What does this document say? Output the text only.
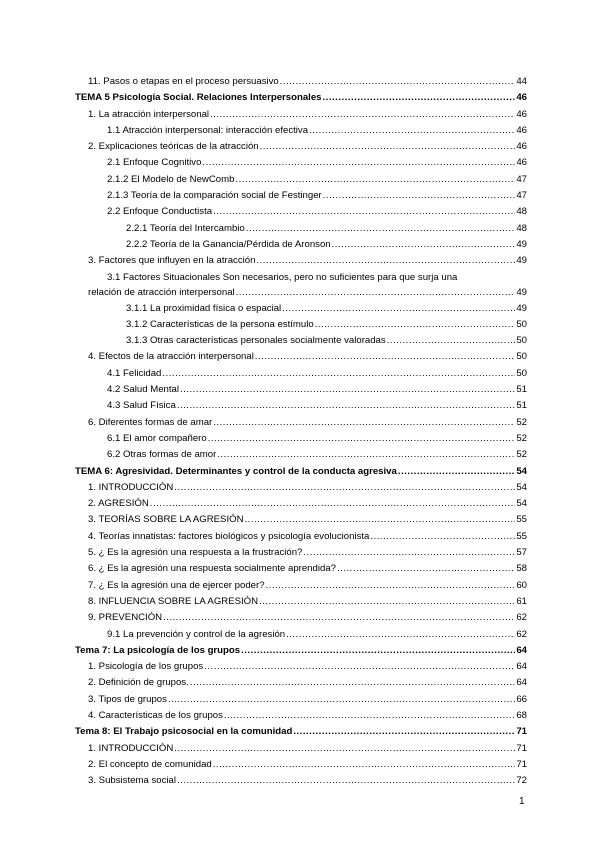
11. Pasos o etapas en el proceso persuasivo .....	44
TEMA 5 Psicología Social. Relaciones Interpersonales .....	46
1. La atracción interpersonal .....	46
1.1 Atracción interpersonal: interacción efectiva .....	46
2. Explicaciones teóricas de la atracción .....	46
2.1 Enfoque Cognitivo .....	46
2.1.2 El Modelo de NewComb .....	47
2.1.3 Teoría de la comparación social de Festinger .....	47
2.2 Enfoque Conductista .....	48
2.2.1 Teoría del Intercambio .....	48
2.2.2 Teoría de la Ganancia/Pérdida de Aronson .....	49
3. Factores que influyen en la atracción .....	49
3.1 Factores Situacionales Son necesarios, pero no suficientes para que surja una
relación de atracción interpersonal .....	49
3.1.1 La proximidad física o espacial .....	49
3.1.2 Características de la persona estímulo .....	50
3.1.3 Otras características personales socialmente valoradas .....	50
4. Efectos de la atracción interpersonal .....	50
4.1 Felicidad .....	50
4.2 Salud Mental .....	51
4.3 Salud Física .....	51
6. Diferentes formas de amar .....	52
6.1 El amor compañero .....	52
6.2 Otras formas de amor .....	52
TEMA 6: Agresividad. Determinantes y control de la conducta agresiva .....	54
1. INTRODUCCIÓN .....	54
2. AGRESIÓN .....	54
3. TEORÍAS SOBRE LA AGRESIÓN .....	55
4. Teorías innatistas: factores biológicos y psicología evolucionista .....	55
5. ¿ Es la agresión una respuesta a la frustración? .....	57
6. ¿ Es la agresión una respuesta socialmente aprendida? .....	58
7. ¿ Es la agresión una de ejercer poder? .....	60
8. INFLUENCIA SOBRE LA AGRESIÓN .....	61
9. PREVENCIÓN .....	62
9.1 La prevención y control de la agresión .....	62
Tema 7: La psicología de los grupos .....	64
1. Psicología de los grupos .....	64
2. Definición de grupos. .....	64
3. Tipos de grupos .....	66
4. Características de los grupos .....	68
Tema 8: El Trabajo psicosocial en la comunidad .....	71
1. INTRODUCCIÓN .....	71
2. El concepto de comunidad .....	71
3. Subsistema social .....	72
1
